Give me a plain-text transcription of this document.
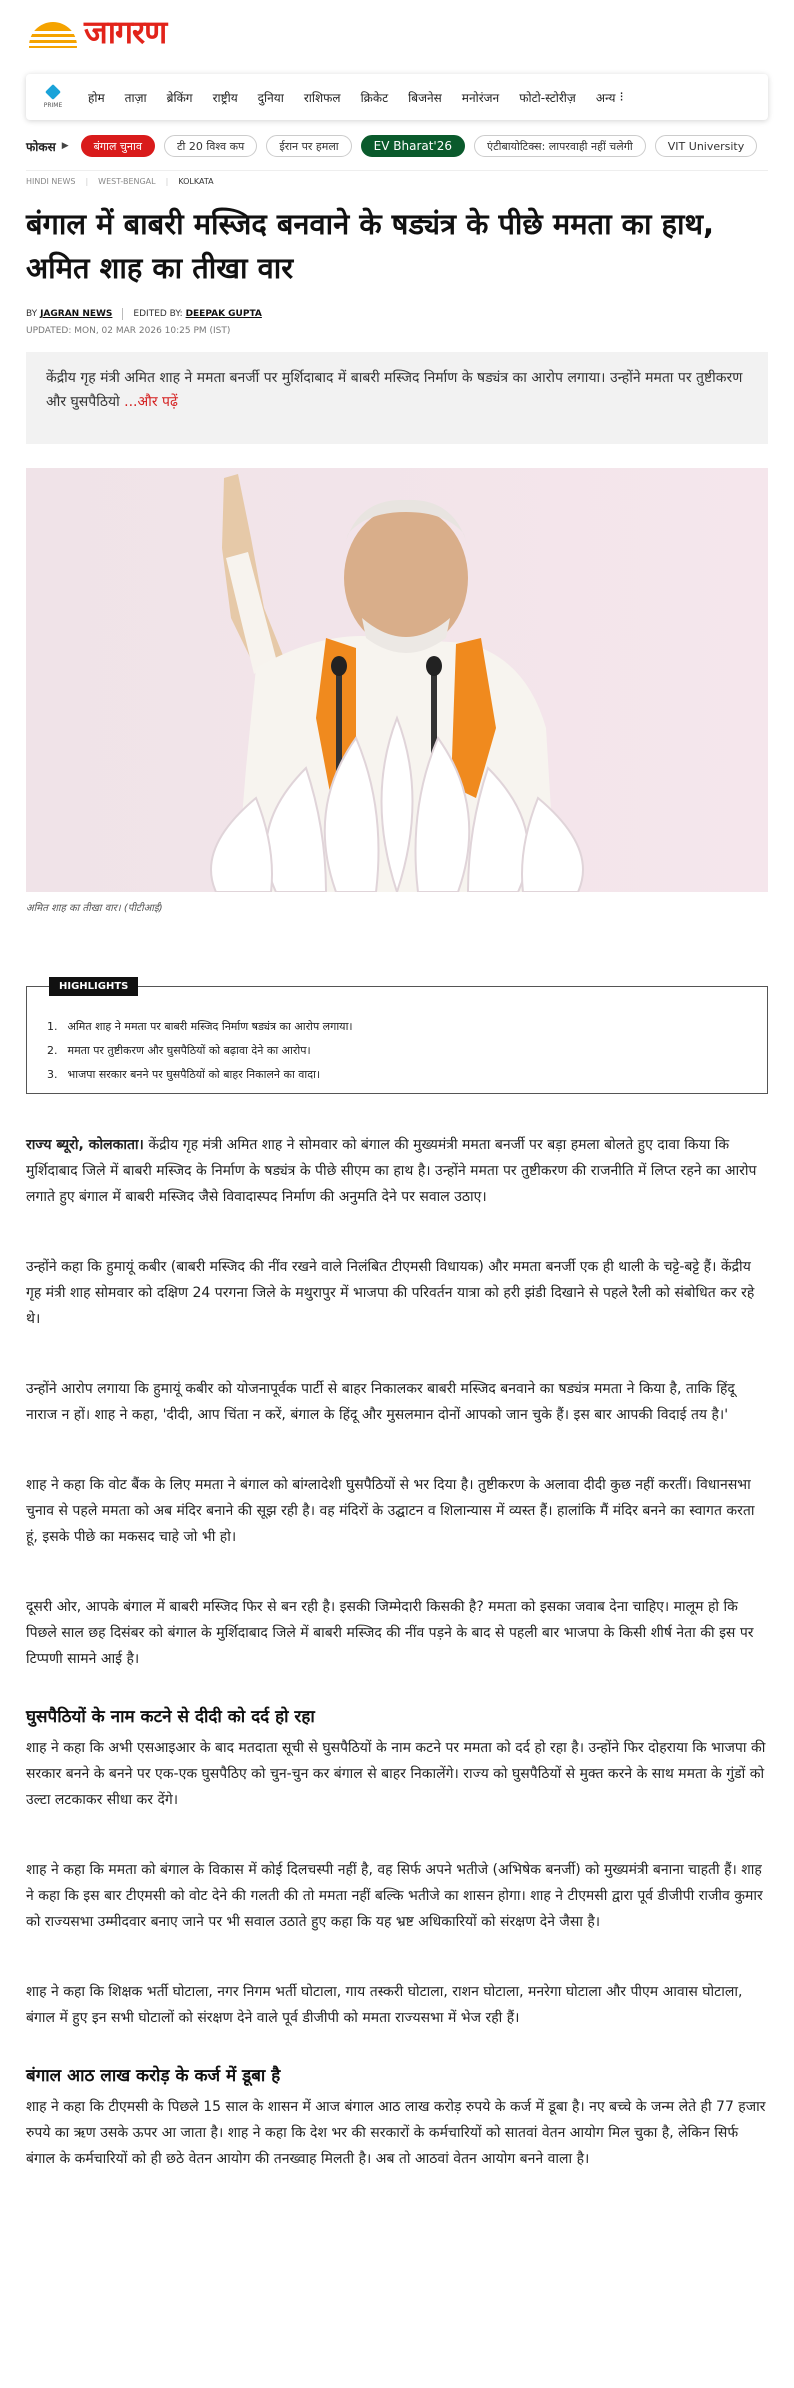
जागरण
PRIME
होम ताज़ा ब्रेकिंग राष्ट्रीय दुनिया राशिफल क्रिकेट बिजनेस मनोरंजन फोटो-स्टोरीज़ अन्य ⁝
फोकस ▶	बंगाल चुनाव	टी 20 विश्व कप	ईरान पर हमला	EV Bharat'26	एंटीबायोटिक्स: लापरवाही नहीं चलेगी	VIT University
HINDI NEWS | WEST-BENGAL | KOLKATA
बंगाल में बाबरी मस्जिद बनवाने के षड्यंत्र के पीछे ममता का हाथ, अमित शाह का तीखा वार
BY
JAGRAN NEWS EDITED BY:
DEEPAK GUPTA
UPDATED: MON, 02 MAR 2026 10:25 PM (IST)
केंद्रीय गृह मंत्री अमित शाह ने ममता बनर्जी पर मुर्शिदाबाद में बाबरी मस्जिद निर्माण के षड्यंत्र का आरोप लगाया। उन्होंने ममता पर तुष्टीकरण और घुसपैठियो ...और पढ़ें
अमित शाह का तीखा वार। (पीटीआई)
HIGHLIGHTS
1. अमित शाह ने ममता पर बाबरी मस्जिद निर्माण षड्यंत्र का आरोप लगाया।
2. ममता पर तुष्टीकरण और घुसपैठियों को बढ़ावा देने का आरोप।
3. भाजपा सरकार बनने पर घुसपैठियों को बाहर निकालने का वादा।

राज्य ब्यूरो, कोलकाता। केंद्रीय गृह मंत्री अमित शाह ने सोमवार को बंगाल की मुख्यमंत्री ममता बनर्जी पर बड़ा हमला बोलते हुए दावा किया कि मुर्शिदाबाद जिले में बाबरी मस्जिद के निर्माण के षड्यंत्र के पीछे सीएम का हाथ है। उन्होंने ममता पर तुष्टीकरण की राजनीति में लिप्त रहने का आरोप लगाते हुए बंगाल में बाबरी मस्जिद जैसे विवादास्पद निर्माण की अनुमति देने पर सवाल उठाए।

उन्होंने कहा कि हुमायूं कबीर (बाबरी मस्जिद की नींव रखने वाले निलंबित टीएमसी विधायक) और ममता बनर्जी एक ही थाली के चट्टे-बट्टे हैं। केंद्रीय गृह मंत्री शाह सोमवार को दक्षिण 24 परगना जिले के मथुरापुर में भाजपा की परिवर्तन यात्रा को हरी झंडी दिखाने से पहले रैली को संबोधित कर रहे थे।

उन्होंने आरोप लगाया कि हुमायूं कबीर को योजनापूर्वक पार्टी से बाहर निकालकर बाबरी मस्जिद बनवाने का षड्यंत्र ममता ने किया है, ताकि हिंदू नाराज न हों। शाह ने कहा, 'दीदी, आप चिंता न करें, बंगाल के हिंदू और मुसलमान दोनों आपको जान चुके हैं। इस बार आपकी विदाई तय है।'

शाह ने कहा कि वोट बैंक के लिए ममता ने बंगाल को बांग्लादेशी घुसपैठियों से भर दिया है। तुष्टीकरण के अलावा दीदी कुछ नहीं करतीं। विधानसभा चुनाव से पहले ममता को अब मंदिर बनाने की सूझ रही है। वह मंदिरों के उद्घाटन व शिलान्यास में व्यस्त हैं। हालांकि मैं मंदिर बनने का स्वागत करता हूं, इसके पीछे का मकसद चाहे जो भी हो।

दूसरी ओर, आपके बंगाल में बाबरी मस्जिद फिर से बन रही है। इसकी जिम्मेदारी किसकी है? ममता को इसका जवाब देना चाहिए। मालूम हो कि पिछले साल छह दिसंबर को बंगाल के मुर्शिदाबाद जिले में बाबरी मस्जिद की नींव पड़ने के बाद से पहली बार भाजपा के किसी शीर्ष नेता की इस पर टिप्पणी सामने आई है।

घुसपैठियों के नाम कटने से दीदी को दर्द हो रहा

शाह ने कहा कि अभी एसआइआर के बाद मतदाता सूची से घुसपैठियों के नाम कटने पर ममता को दर्द हो रहा है। उन्होंने फिर दोहराया कि भाजपा की सरकार बनने के बनने पर एक-एक घुसपैठिए को चुन-चुन कर बंगाल से बाहर निकालेंगे। राज्य को घुसपैठियों से मुक्त करने के साथ ममता के गुंडों को उल्टा लटकाकर सीधा कर देंगे।

शाह ने कहा कि ममता को बंगाल के विकास में कोई दिलचस्पी नहीं है, वह सिर्फ अपने भतीजे (अभिषेक बनर्जी) को मुख्यमंत्री बनाना चाहती हैं। शाह ने कहा कि इस बार टीएमसी को वोट देने की गलती की तो ममता नहीं बल्कि भतीजे का शासन होगा। शाह ने टीएमसी द्वारा पूर्व डीजीपी राजीव कुमार को राज्यसभा उम्मीदवार बनाए जाने पर भी सवाल उठाते हुए कहा कि यह भ्रष्ट अधिकारियों को संरक्षण देने जैसा है।

शाह ने कहा कि शिक्षक भर्ती घोटाला, नगर निगम भर्ती घोटाला, गाय तस्करी घोटाला, राशन घोटाला, मनरेगा घोटाला और पीएम आवास घोटाला, बंगाल में हुए इन सभी घोटालों को संरक्षण देने वाले पूर्व डीजीपी को ममता राज्यसभा में भेज रही हैं।

बंगाल आठ लाख करोड़ के कर्ज में डूबा है

शाह ने कहा कि टीएमसी के पिछले 15 साल के शासन में आज बंगाल आठ लाख करोड़ रुपये के कर्ज में डूबा है। नए बच्चे के जन्म लेते ही 77 हजार रुपये का ऋण उसके ऊपर आ जाता है। शाह ने कहा कि देश भर की सरकारों के कर्मचारियों को सातवां वेतन आयोग मिल चुका है, लेकिन सिर्फ बंगाल के कर्मचारियों को ही छठे वेतन आयोग की तनख्वाह मिलती है। अब तो आठवां वेतन आयोग बनने वाला है।
